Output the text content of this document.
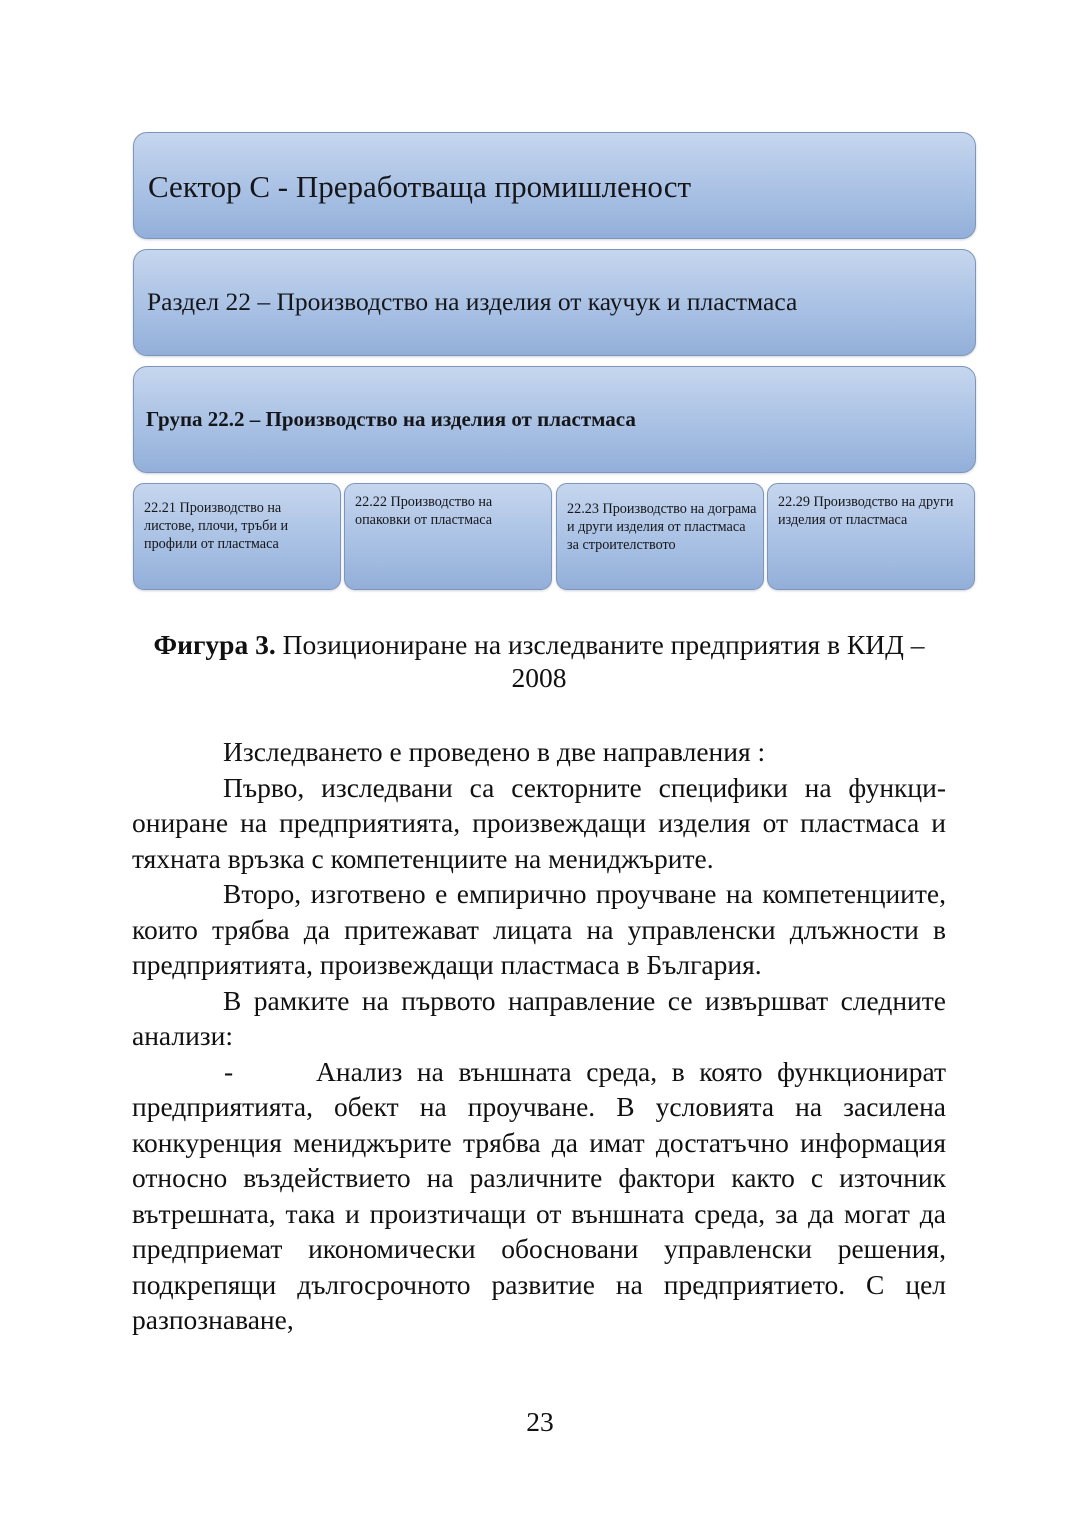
Сектор С - Преработваща промишленост
Раздел 22 – Производство на изделия от каучук и пластмаса
Група 22.2 – Производство на изделия от пластмаса
22.21 Производство на листове, плочи, тръби и профили от пластмаса
22.22 Производство на опаковки от пластмаса
22.23 Производство на дограма и други изделия от пластмаса за строителството
22.29 Производство на други изделия от пластмаса
Фигура 3. Позициониране на изследваните предприятия в КИД – 2008

Изследването е проведено в две направления :

Първо, изследвани са секторните специфики на функциониране на предприятията, произвеждащи изделия от пластмаса и тяхната връзка с компетенциите на мениджърите.

Второ, изготвено е емпирично проучване на компетенциите, които трябва да притежават лицата на управленски длъжности в предприятията, произвеждащи пластмаса в България.

В рамките на първото направление се извършват следните анализи:

-	Анализ на външната среда, в която функционират предприятията, обект на проучване. В условията на засилена конкуренция мениджърите трябва да имат достатъчно информация относно въздействието на различните фактори както с източник вътрешната, така и произтичащи от външната среда, за да могат да предприемат икономически обосновани управленски решения, подкрепящи дългосрочното развитие на предприятието. С цел разпознаване,

23
